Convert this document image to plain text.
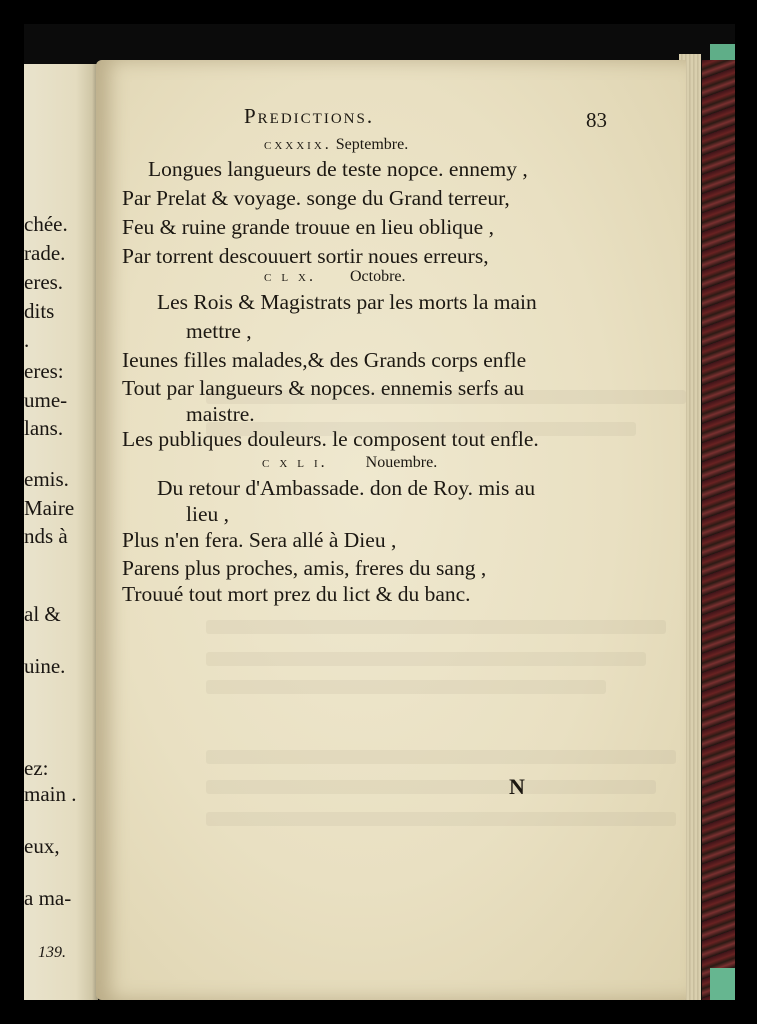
chée.
rade.
eres.
dits
.
eres:
ume-
lans.
emis.
Maire
nds à
al &
uine.
ez:
main .
eux,
a ma-
139.
Predictions.	83
cxxxix. Septembre.
Longues langueurs de teste nopce. ennemy ,
Par Prelat & voyage. songe du Grand terreur,
Feu & ruine grande trouue en lieu oblique ,
Par torrent descouuert sortir noues erreurs,
c l x. Octobre.
Les Rois & Magistrats par les morts la main
mettre ,
Ieunes filles malades,& des Grands corps enfle
Tout par langueurs & nopces. ennemis serfs au
maistre.
Les publiques douleurs. le composent tout enfle.
c x l i. Nouembre.
Du retour d'Ambassade. don de Roy. mis au
lieu ,
Plus n'en fera. Sera allé à Dieu ,
Parens plus proches, amis, freres du sang ,
Trouué tout mort prez du lict & du banc.
N
